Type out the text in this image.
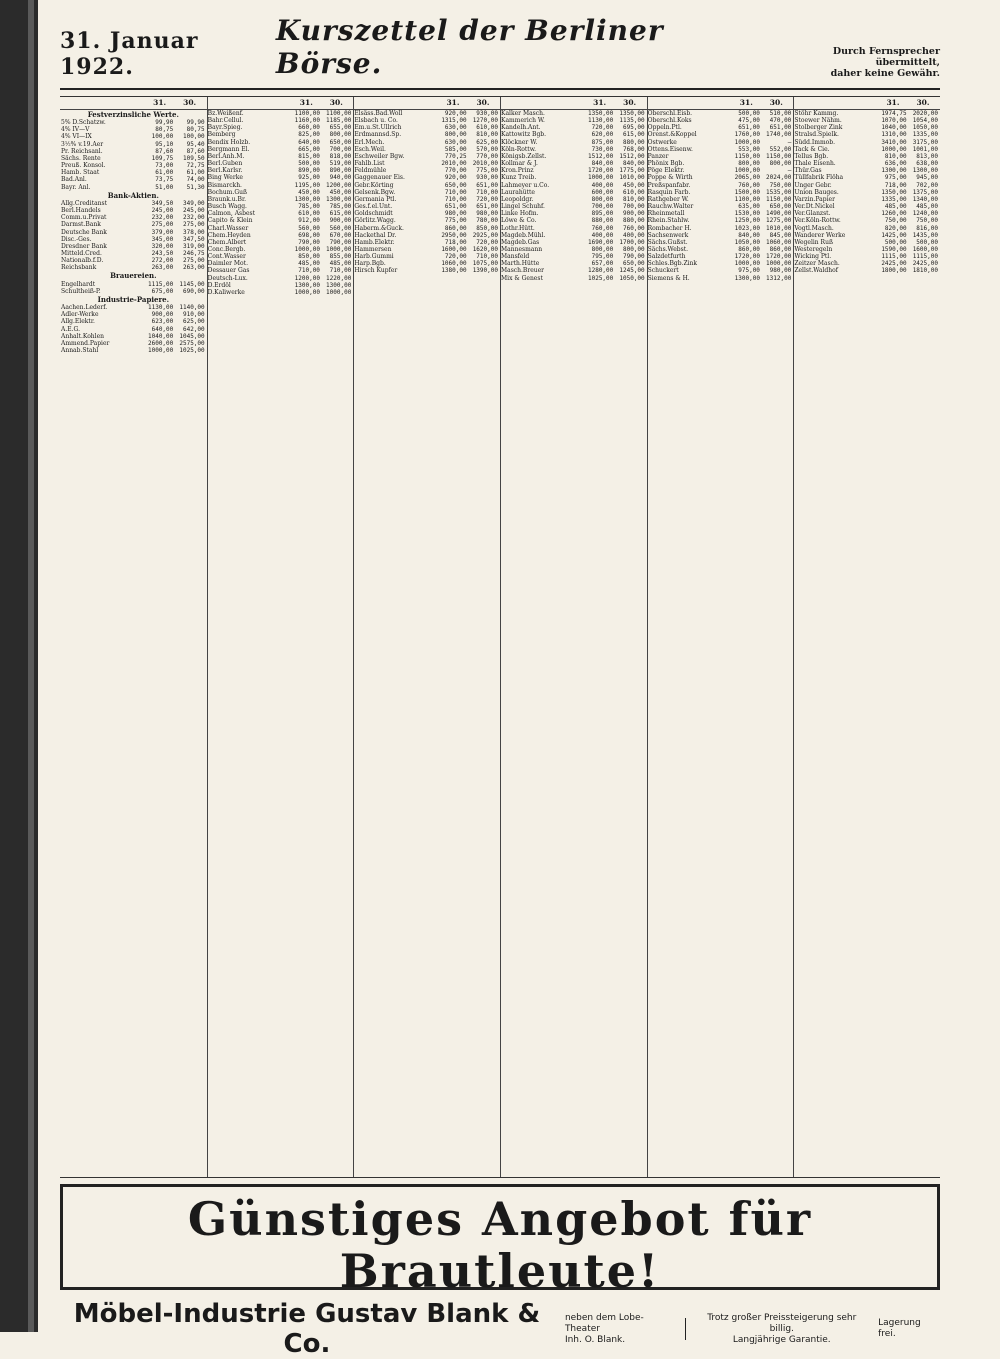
31. Januar 1922.
Kurszettel der Berliner Börse.	Durch Fernsprecher übermittelt,
daher keine Gewähr.
31.	30.
Festverzinsliche Werte.
5% D.Schatzw.	99,90	99,90
4% IV—V	80,75	80,75
4% VI—IX	100,00	100,00
3½% v.19.Aer	95,10	95,40
Pr. Reichsanl.	87,60	87,60
Sächs. Rente	109,75	109,50
Preuß. Konsol.	73,00	72,75
Hamb. Staat	61,00	61,00
Bad.Anl.	73,75	74,00
Bayr. Anl.	51,00	51,30
Bank-Aktien.
Allg.Creditanst	349,50	349,00
Berl.Handels	245,00	245,00
Comm.u.Privat	232,00	232,00
Darmst.Bank	275,00	275,00
Deutsche Bank	379,00	378,00
Disc.-Ges.	345,00	347,50
Dresdner Bank	320,00	319,00
Mitteld.Cred.	243,50	246,75
Nationalb.f.D.	272,00	275,00
Reichsbank	263,00	263,00
Brauereien.
Engelhardt	1115,00	1145,00
Schultheiß-P.	675,00	690,00
Industrie-Papiere.
Aachen.Lederf.	1130,00	1140,00
Adler-Werke	900,00	910,00
Allg.Elektr.	623,00	625,00
A.E.G.	640,00	642,00
Anhalt.Kohlen	1040,00	1045,00
Ammend.Papier	2600,00	2575,00
Annab.Stahl	1000,00	1025,00
31.	30.
Bz.Weißenf.	1100,00	1100,00
Bahr.Cellul.	1160,00	1185,00
Bayr.Spieg.	660,00	655,00
Bemberg	825,00	800,00
Bendix Holzb.	640,00	650,00
Bergmann El.	665,00	700,00
Berl.Anh.M.	815,00	818,00
Berl.Guben	500,00	519,00
Berl.Karlsr.	890,00	890,00
Bing Werke	925,00	940,00
Bismarckh.	1195,00	1200,00
Bochum.Guß	450,00	450,00
Braunk.u.Br.	1300,00	1300,00
Busch Wagg.	785,00	785,00
Calmon, Asbest	610,00	615,00
Capito & Klein	912,00	900,00
Charl.Wasser	560,00	560,00
Chem.Heyden	698,00	670,00
Chem.Albert	790,00	790,00
Conc.Bergb.	1000,00	1000,00
Cont.Wasser	850,00	855,00
Daimler Mot.	485,00	485,00
Dessauer Gas	710,00	710,00
Deutsch-Lux.	1200,00	1220,00
D.Erdöl	1300,00	1300,00
D.Kaliwerke	1000,00	1000,00
31.	30.
Elsäss.Bad.Woll	920,00	930,00
Elsbach u. Co.	1315,00	1270,00
Em.u.St.Ullrich	630,00	610,00
Erdmannsd.Sp.	800,00	810,00
Erl.Mech.	630,00	625,00
Esch.Weil.	585,00	570,00
Eschweiler Bgw.	770,25	770,00
Fahlb.List	2010,00	2010,00
Feldmühle	770,00	775,00
Gaggenauer Eis.	920,00	930,00
Gebr.Körting	650,00	651,00
Gelsenk.Bgw.	710,00	710,00
Germania Ptl.	710,00	720,00
Ges.f.el.Unt.	651,00	651,00
Goldschmidt	980,00	980,00
Görlitz.Wagg.	775,00	780,00
Haberm.&Guck.	860,00	850,00
Hackethal Dr.	2950,00	2925,00
Hamb.Elektr.	718,00	720,00
Hammersen	1600,00	1620,00
Harb.Gummi	720,00	710,00
Harp.Bgb.	1060,00	1075,00
Hirsch Kupfer	1380,00	1390,00
31.	30.
Kalker Masch.	1350,00	1350,00
Kammerich W.	1130,00	1135,00
Kandelh.Ant.	720,00	695,00
Kattowitz Bgb.	620,00	615,00
Klöckner W.	875,00	880,00
Köln-Rottw.	730,00	768,00
Königsb.Zellst.	1512,00	1512,00
Kollmar & J.	840,00	840,00
Kron.Prinz	1720,00	1775,00
Kunz Treib.	1000,00	1010,00
Lahmeyer u.Co.	400,00	450,00
Laurahütte	600,00	610,00
Leopoldgr.	800,00	810,00
Lingel Schuhf.	700,00	700,00
Linke Hofm.	895,00	900,00
Löwe & Co.	880,00	880,00
Lothr.Hütt.	760,00	760,00
Magdeb.Mühl.	400,00	400,00
Magdeb.Gas	1690,00	1700,00
Mannesmann	800,00	800,00
Mansfeld	795,00	790,00
Marth.Hütte	657,00	650,00
Masch.Breuer	1280,00	1245,00
Mix & Genest	1025,00	1050,00
31.	30.
Oberschl.Eisb.	500,00	510,00
Oberschl.Koks	475,00	470,00
Oppeln.Ptl.	651,00	651,00
Orenst.&Koppel	1760,00	1740,00
Ostwerke	1000,00	—
Ottens.Eisenw.	553,00	552,00
Panzer	1150,00	1150,00
Phönix Bgb.	800,00	800,00
Pöge Elektr.	1000,00	—
Poppe & Wirth	2065,00	2024,00
Preßspanfabr.	760,00	750,00
Rasquin Farb.	1500,00	1535,00
Rathgeber W.	1100,00	1150,00
Rauchw.Walter	635,00	650,00
Rheinmetall	1530,00	1490,00
Rhein.Stahlw.	1250,00	1275,00
Rombacher H.	1023,00	1010,00
Sachsenwerk	840,00	845,00
Sächs.Gußst.	1050,00	1060,00
Sächs.Webst.	860,00	860,00
Salzdetfurth	1720,00	1720,00
Schles.Bgb.Zink	1000,00	1000,00
Schuckert	975,00	980,00
Siemens & H.	1300,00	1312,00
31.	30.
Stöhr Kammg.	1974,75	2020,00
Stoewer Nähm.	1070,00	1054,00
Stolberger Zink	1040,00	1050,00
Stralsd.Spielk.	1310,00	1335,00
Südd.Immob.	3410,00	3175,00
Tack & Cie.	1000,00	1001,00
Tellus Bgb.	810,00	813,00
Thale Eisenh.	636,00	638,00
Thür.Gas	1300,00	1300,00
Tüllfabrik Flöha	975,00	945,00
Unger Gebr.	718,00	702,00
Union Bauges.	1350,00	1375,00
Varzin.Papier	1335,00	1340,00
Ver.Dt.Nickel	485,00	485,00
Ver.Glanzst.	1260,00	1240,00
Ver.Köln-Rottw.	750,00	750,00
Vogtl.Masch.	820,00	816,00
Wanderer Werke	1425,00	1435,00
Wegelin Ruß	500,00	500,00
Westeregeln	1590,00	1600,00
Wicking Ptl.	1115,00	1115,00
Zeitzer Masch.	2425,00	2425,00
Zellst.Waldhof	1800,00	1810,00
Günstiges Angebot für Brautleute!
Möbel-Industrie Gustav Blank & Co.
neben dem Lobe-Theater
Inh. O. Blank.
Trotz großer Preissteigerung sehr billig.
Langjährige Garantie.
Lagerung frei.
